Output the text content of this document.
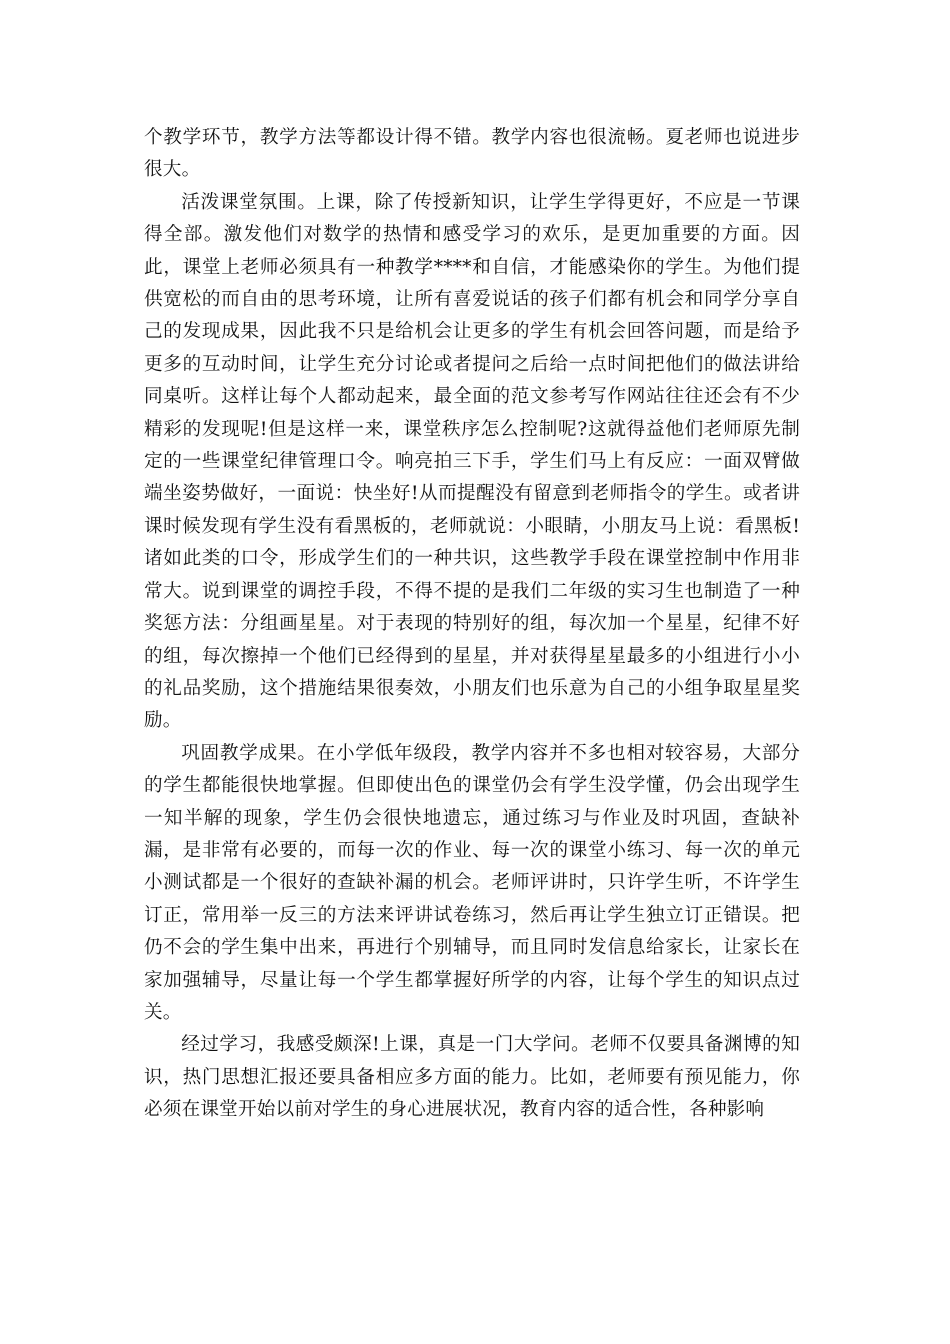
个教学环节，教学方法等都设计得不错。教学内容也很流畅。夏老师也说进步很大。

活泼课堂氛围。上课，除了传授新知识，让学生学得更好，不应是一节课得全部。激发他们对数学的热情和感受学习的欢乐，是更加重要的方面。因此，课堂上老师必须具有一种教学****和自信，才能感染你的学生。为他们提供宽松的而自由的思考环境，让所有喜爱说话的孩子们都有机会和同学分享自己的发现成果，因此我不只是给机会让更多的学生有机会回答问题，而是给予更多的互动时间，让学生充分讨论或者提问之后给一点时间把他们的做法讲给同桌听。这样让每个人都动起来，最全面的范文参考写作网站往往还会有不少精彩的发现呢!但是这样一来，课堂秩序怎么控制呢?这就得益他们老师原先制定的一些课堂纪律管理口令。响亮拍三下手，学生们马上有反应：一面双臂做端坐姿势做好，一面说：快坐好!从而提醒没有留意到老师指令的学生。或者讲课时候发现有学生没有看黑板的，老师就说：小眼睛，小朋友马上说：看黑板!诸如此类的口令，形成学生们的一种共识，这些教学手段在课堂控制中作用非常大。说到课堂的调控手段，不得不提的是我们二年级的实习生也制造了一种奖惩方法：分组画星星。对于表现的特别好的组，每次加一个星星，纪律不好的组，每次擦掉一个他们已经得到的星星，并对获得星星最多的小组进行小小的礼品奖励，这个措施结果很奏效，小朋友们也乐意为自己的小组争取星星奖励。

巩固教学成果。在小学低年级段，教学内容并不多也相对较容易，大部分的学生都能很快地掌握。但即使出色的课堂仍会有学生没学懂，仍会出现学生一知半解的现象，学生仍会很快地遗忘，通过练习与作业及时巩固，查缺补漏，是非常有必要的，而每一次的作业、每一次的课堂小练习、每一次的单元小测试都是一个很好的查缺补漏的机会。老师评讲时，只许学生听，不许学生订正，常用举一反三的方法来评讲试卷练习，然后再让学生独立订正错误。把仍不会的学生集中出来，再进行个别辅导，而且同时发信息给家长，让家长在家加强辅导，尽量让每一个学生都掌握好所学的内容，让每个学生的知识点过关。

经过学习，我感受颇深!上课，真是一门大学问。老师不仅要具备渊博的知识，热门思想汇报还要具备相应多方面的能力。比如，老师要有预见能力，你必须在课堂开始以前对学生的身心进展状况，教育内容的适合性，各种影响
